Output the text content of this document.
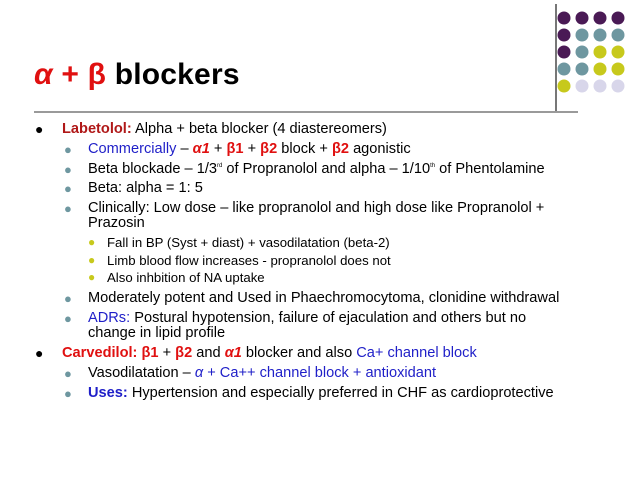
α + β blockers
● Labetolol: Alpha + beta blocker (4 diastereomers)
● Commercially – α1 + β1 + β2 block + β2 agonistic
● Beta blockade – 1/3rd of Propranolol and alpha – 1/10th of Phentolamine
● Beta: alpha = 1: 5
● Clinically: Low dose – like propranolol and high dose like Propranolol + Prazosin
● Fall in BP (Syst + diast) + vasodilatation (beta-2)
● Limb blood flow increases - propranolol does not
● Also inhbition of NA uptake
● Moderately potent and Used in Phaechromocytoma, clonidine withdrawal
● ADRs: Postural hypotension, failure of ejaculation and others but no change in lipid profile
● Carvedilol: β1 + β2 and α1 blocker and also Ca+ channel block
● Vasodilatation – α + Ca++ channel block + antioxidant
● Uses: Hypertension and especially preferred in CHF as cardioprotective
